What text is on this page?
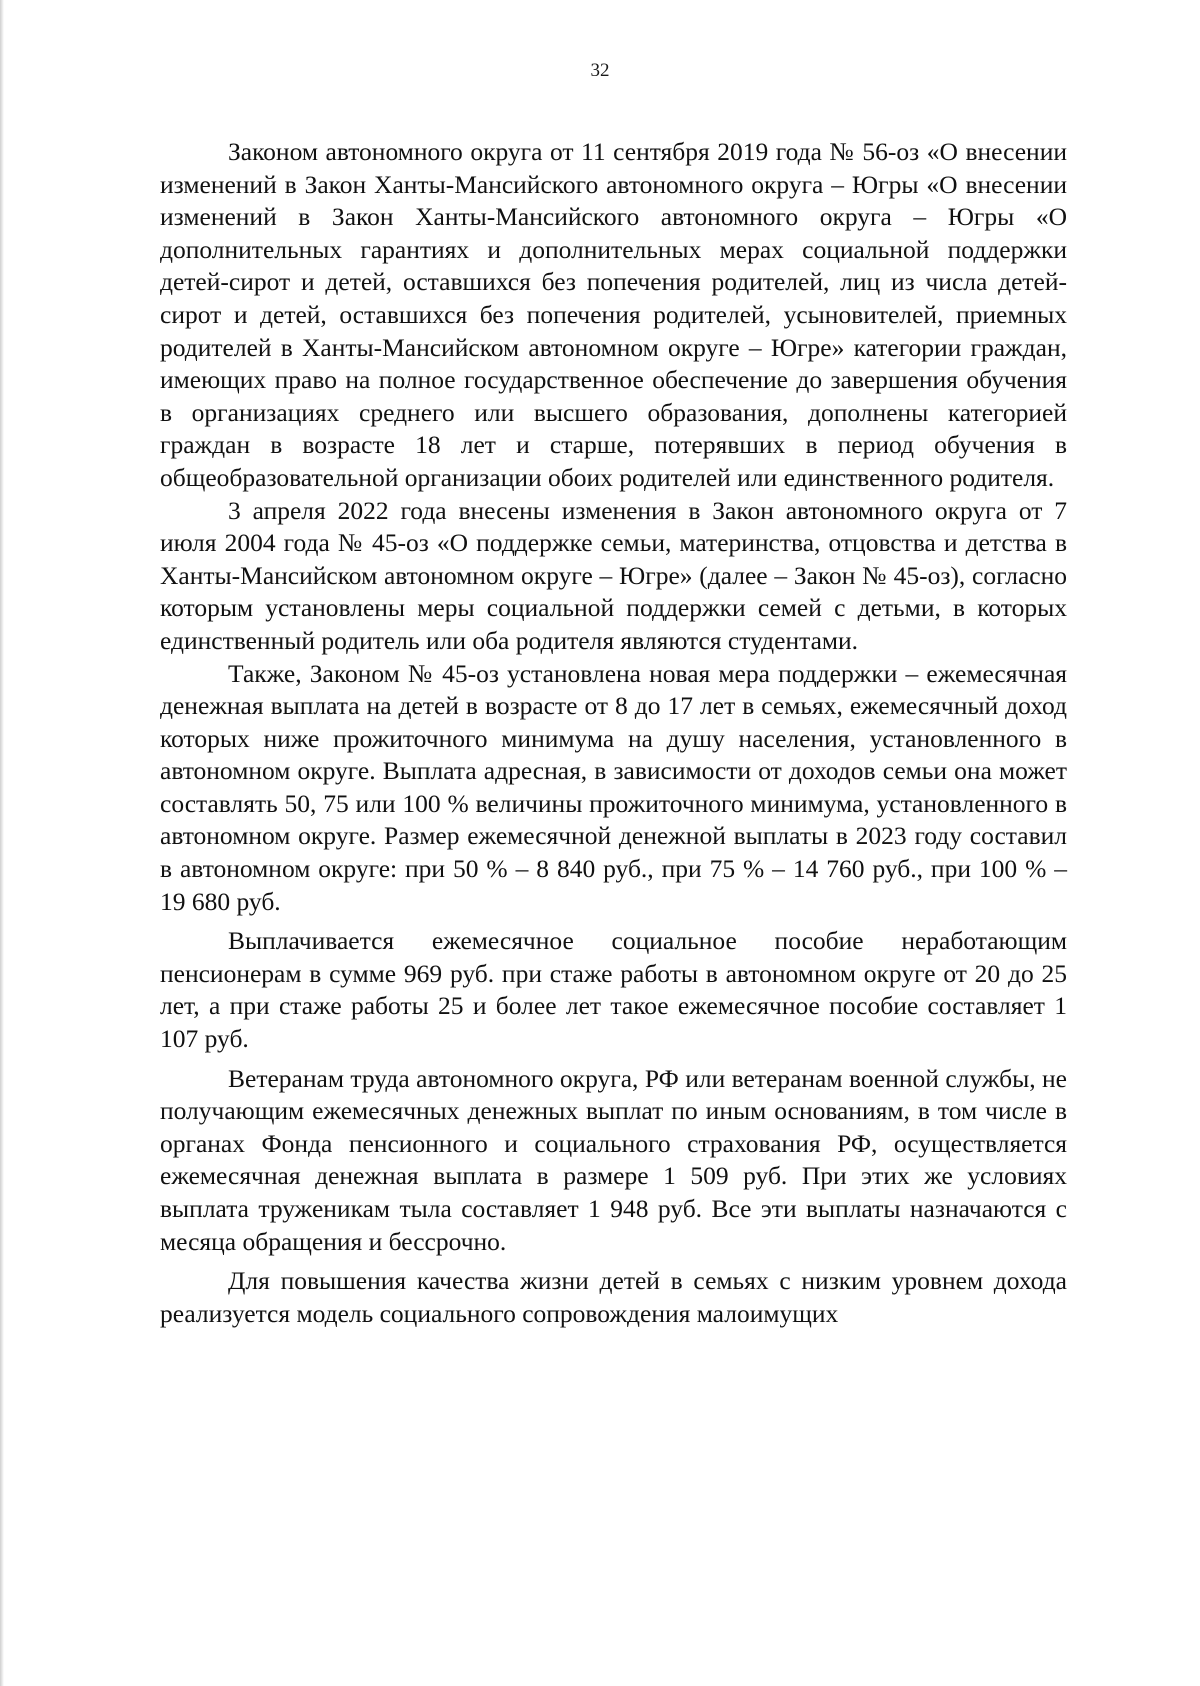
32

Законом автономного округа от 11 сентября 2019 года № 56-оз «О внесении изменений в Закон Ханты-Мансийского автономного округа – Югры «О внесении изменений в Закон Ханты-Мансийского автономного округа – Югры «О дополнительных гарантиях и дополнительных мерах социальной поддержки детей-сирот и детей, оставшихся без попечения родителей, лиц из числа детей-сирот и детей, оставшихся без попечения родителей, усыновителей, приемных родителей в Ханты-Мансийском автономном округе – Югре» категории граждан, имеющих право на полное государственное обеспечение до завершения обучения в организациях среднего или высшего образования, дополнены категорией граждан в возрасте 18 лет и старше, потерявших в период обучения в общеобразовательной организации обоих родителей или единственного родителя.

3 апреля 2022 года внесены изменения в Закон автономного округа от 7 июля 2004 года № 45-оз «О поддержке семьи, материнства, отцовства и детства в Ханты-Мансийском автономном округе – Югре» (далее – Закон № 45-оз), согласно которым установлены меры социальной поддержки семей с детьми, в которых единственный родитель или оба родителя являются студентами.

Также, Законом № 45-оз установлена новая мера поддержки – ежемесячная денежная выплата на детей в возрасте от 8 до 17 лет в семьях, ежемесячный доход которых ниже прожиточного минимума на душу населения, установленного в автономном округе. Выплата адресная, в зависимости от доходов семьи она может составлять 50, 75 или 100 % величины прожиточного минимума, установленного в автономном округе. Размер ежемесячной денежной выплаты в 2023 году составил в автономном округе: при 50 % – 8 840 руб., при 75 % – 14 760 руб., при 100 % – 19 680 руб.

Выплачивается ежемесячное социальное пособие неработающим пенсионерам в сумме 969 руб. при стаже работы в автономном округе от 20 до 25 лет, а при стаже работы 25 и более лет такое ежемесячное пособие составляет 1 107 руб.

Ветеранам труда автономного округа, РФ или ветеранам военной службы, не получающим ежемесячных денежных выплат по иным основаниям, в том числе в органах Фонда пенсионного и социального страхования РФ, осуществляется ежемесячная денежная выплата в размере 1 509 руб. При этих же условиях выплата труженикам тыла составляет 1 948 руб. Все эти выплаты назначаются с месяца обращения и бессрочно.

Для повышения качества жизни детей в семьях с низким уровнем дохода реализуется модель социального сопровождения малоимущих
